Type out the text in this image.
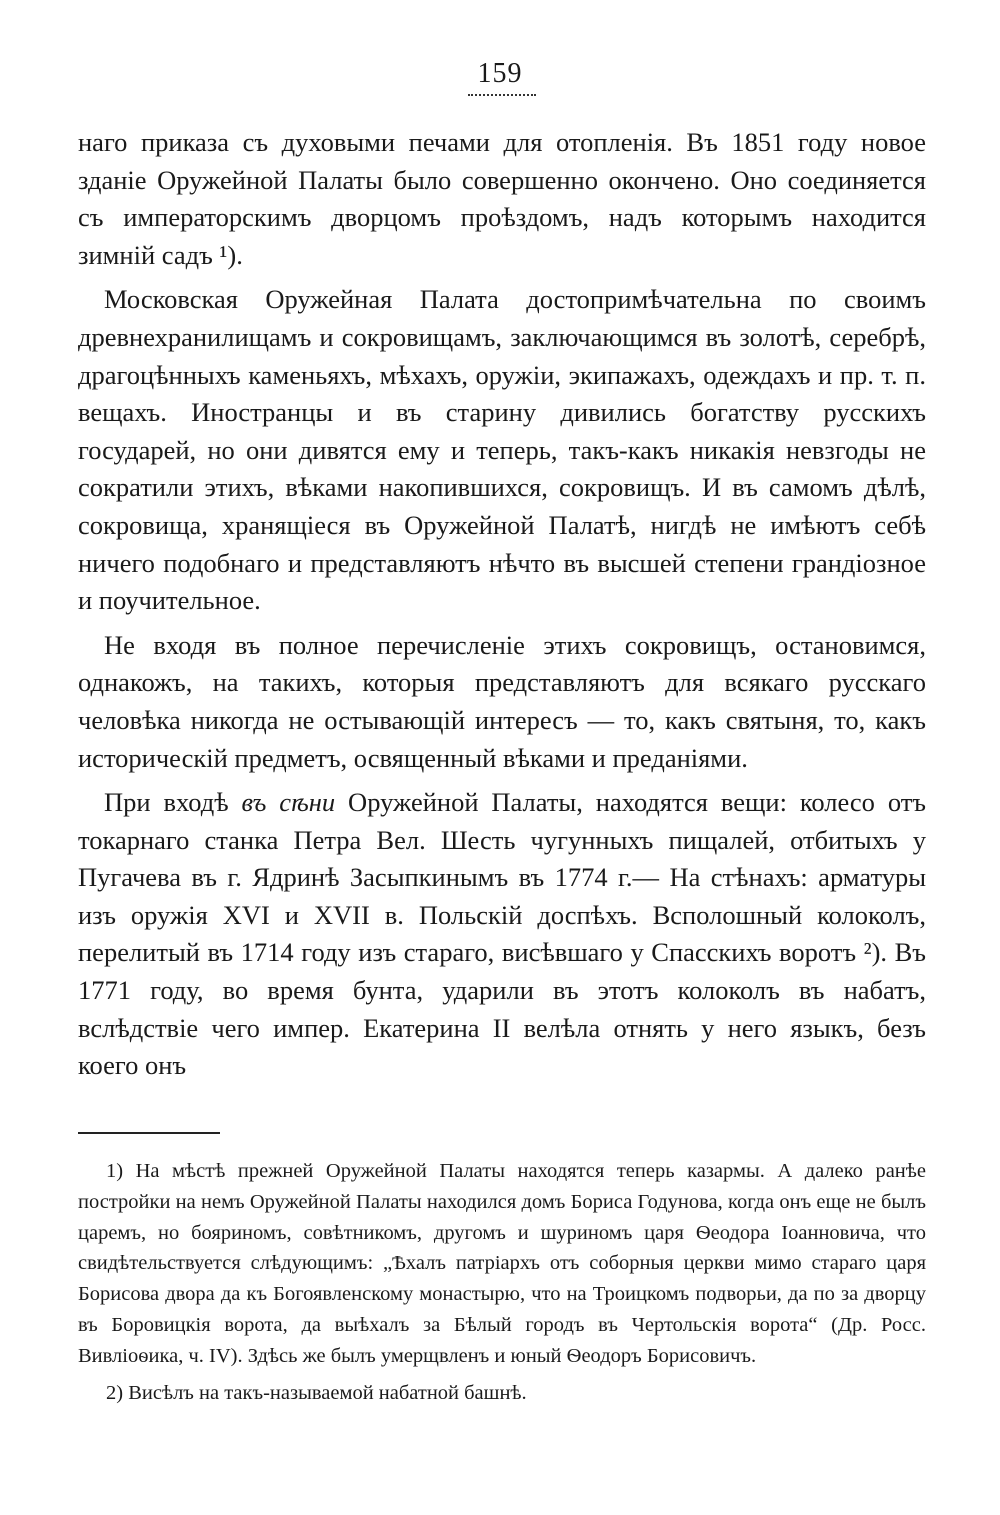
159

наго приказа съ духовыми печами для отопленія. Въ 1851 году новое зданіе Оружейной Палаты было совершенно окончено. Оно соединяется съ императорскимъ дворцомъ проѣздомъ, надъ которымъ находится зимній садъ ¹).

Московская Оружейная Палата достопримѣчательна по своимъ древнехранилищамъ и сокровищамъ, заключающимся въ золотѣ, серебрѣ, драгоцѣнныхъ каменьяхъ, мѣхахъ, оружіи, экипажахъ, одеждахъ и пр. т. п. вещахъ. Иностранцы и въ старину дивились богатству русскихъ государей, но они дивятся ему и теперь, такъ-какъ никакія невзгоды не сократили этихъ, вѣками накопившихся, сокровищъ. И въ самомъ дѣлѣ, сокровища, хранящіеся въ Оружейной Палатѣ, нигдѣ не имѣютъ себѣ ничего подобнаго и представляютъ нѣчто въ высшей степени грандіозное и поучительное.

Не входя въ полное перечисленіе этихъ сокровищъ, остановимся, однакожъ, на такихъ, которыя представляютъ для всякаго русскаго человѣка никогда не остывающій интересъ — то, какъ святыня, то, какъ историческій предметъ, освященный вѣками и преданіями.

При входѣ въ сѣни Оружейной Палаты, находятся вещи: колесо отъ токарнаго станка Петра Вел. Шесть чугунныхъ пищалей, отбитыхъ у Пугачева въ г. Ядринѣ Засыпкинымъ въ 1774 г.— На стѣнахъ: арматуры изъ оружія XVI и XVII в. Польскій доспѣхъ. Всполошный колоколъ, перелитый въ 1714 году изъ стараго, висѣвшаго у Спасскихъ воротъ ²). Въ 1771 году, во время бунта, ударили въ этотъ колоколъ въ набатъ, вслѣдствіе чего импер. Екатерина II велѣла отнять у него языкъ, безъ коего онъ

1) На мѣстѣ прежней Оружейной Палаты находятся теперь казармы. А далеко ранѣе постройки на немъ Оружейной Палаты находился домъ Бориса Годунова, когда онъ еще не былъ царемъ, но бояриномъ, совѣтникомъ, другомъ и шуриномъ царя Ѳеодора Іоанновича, что свидѣтельствуется слѣдующимъ: „Ѣхалъ патріархъ отъ соборныя церкви мимо стараго царя Борисова двора да къ Богоявленскому монастырю, что на Троицкомъ подворьи, да по за дворцу въ Боровицкія ворота, да выѣхалъ за Бѣлый городъ въ Чертольскія ворота“ (Др. Росс. Вивліоѳика, ч. IV). Здѣсь же былъ умерщвленъ и юный Ѳеодоръ Борисовичъ.

2) Висѣлъ на такъ-называемой набатной башнѣ.
